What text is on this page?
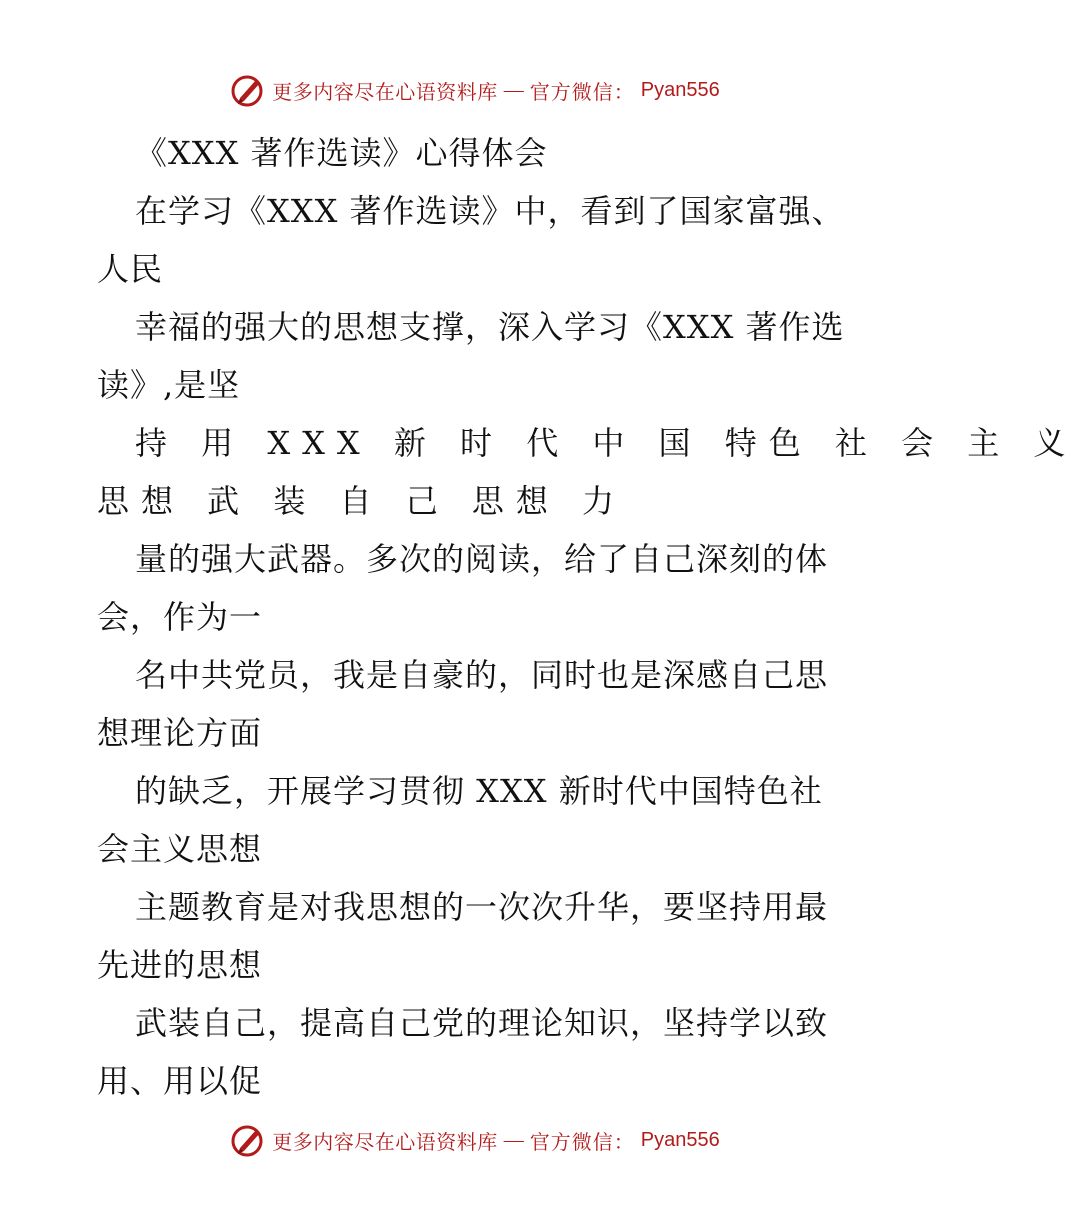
更多内容尽在心语资料库 — 官方微信： Pyan556
《XXX 著作选读》心得体会
在学习《XXX 著作选读》中，看到了国家富强、
人民
幸福的强大的思想支撑，深入学习《XXX 著作选
读》,是坚
持 用 XXX 新 时 代 中 国 特色 社 会 主 义
思想 武 装 自 己 思想 力
量的强大武器。多次的阅读，给了自己深刻的体
会，作为一
名中共党员，我是自豪的，同时也是深感自己思
想理论方面
的缺乏，开展学习贯彻 XXX 新时代中国特色社
会主义思想
主题教育是对我思想的一次次升华，要坚持用最
先进的思想
武装自己，提高自己党的理论知识，坚持学以致
用、用以促
更多内容尽在心语资料库 — 官方微信： Pyan556
